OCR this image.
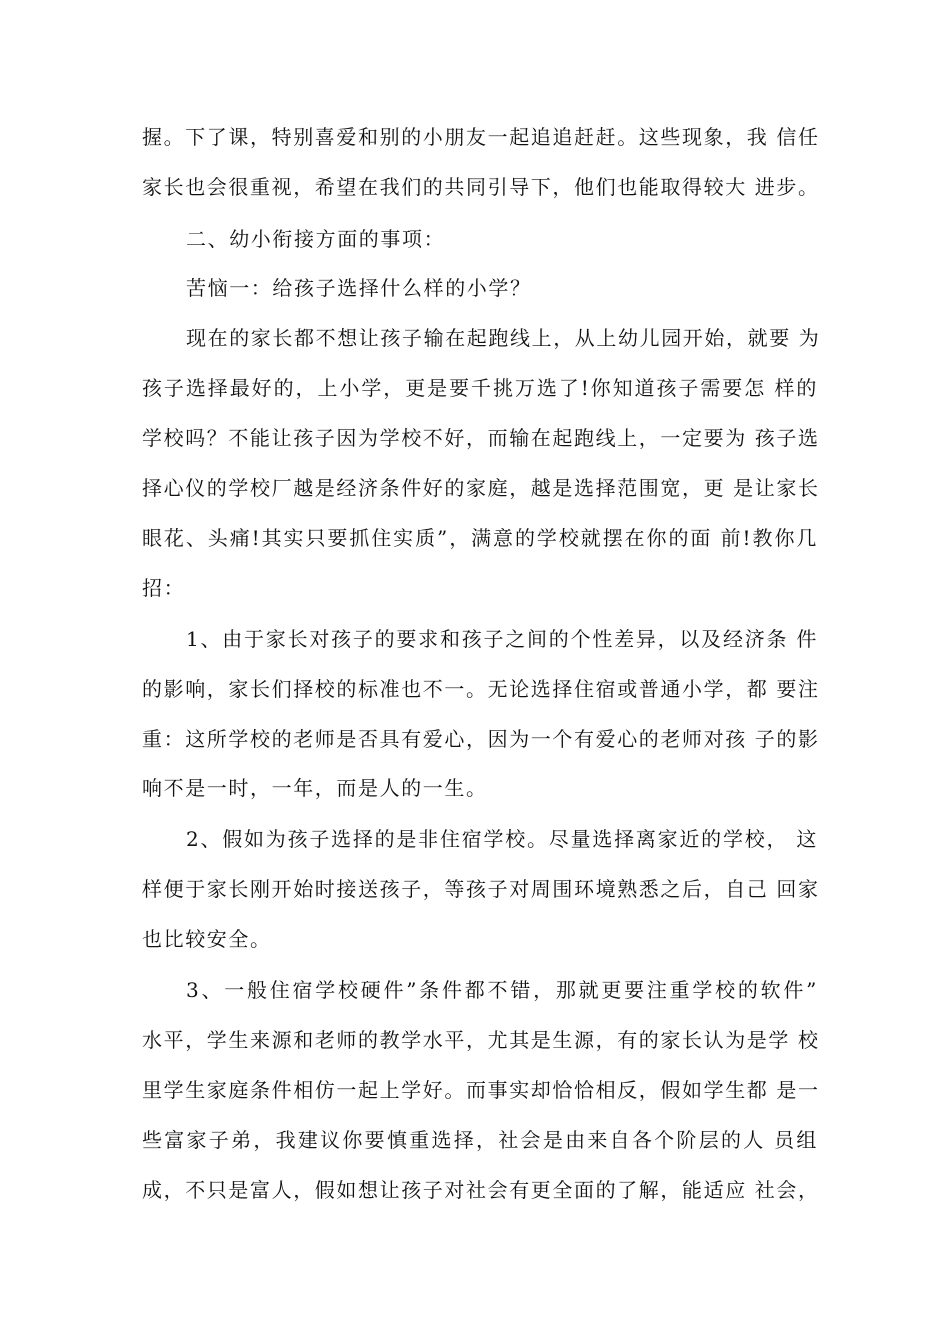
握。下了课，特别喜爱和别的小朋友一起追追赶赶。这些现象，我 信任
家长也会很重视，希望在我们的共同引导下，他们也能取得较大 进步。
二、幼小衔接方面的事项：
苦恼一：给孩子选择什么样的小学？
现在的家长都不想让孩子输在起跑线上，从上幼儿园开始，就要 为
孩子选择最好的，上小学，更是要千挑万选了!你知道孩子需要怎 样的
学校吗？不能让孩子因为学校不好，而输在起跑线上，一定要为 孩子选
择心仪的学校厂越是经济条件好的家庭，越是选择范围宽，更 是让家长
眼花、头痛!其实只要抓住实质”，满意的学校就摆在你的面 前!教你几
招：
1、由于家长对孩子的要求和孩子之间的个性差异，以及经济条 件
的影响，家长们择校的标准也不一。无论选择住宿或普通小学，都 要注
重：这所学校的老师是否具有爱心，因为一个有爱心的老师对孩 子的影
响不是一时，一年，而是人的一生。
2、假如为孩子选择的是非住宿学校。尽量选择离家近的学校， 这
样便于家长刚开始时接送孩子，等孩子对周围环境熟悉之后，自己 回家
也比较安全。
3、一般住宿学校硬件”条件都不错，那就更要注重学校的软件”
水平，学生来源和老师的教学水平，尤其是生源，有的家长认为是学 校
里学生家庭条件相仿一起上学好。而事实却恰恰相反，假如学生都 是一
些富家子弟，我建议你要慎重选择，社会是由来自各个阶层的人 员组
成，不只是富人，假如想让孩子对社会有更全面的了解，能适应 社会，
